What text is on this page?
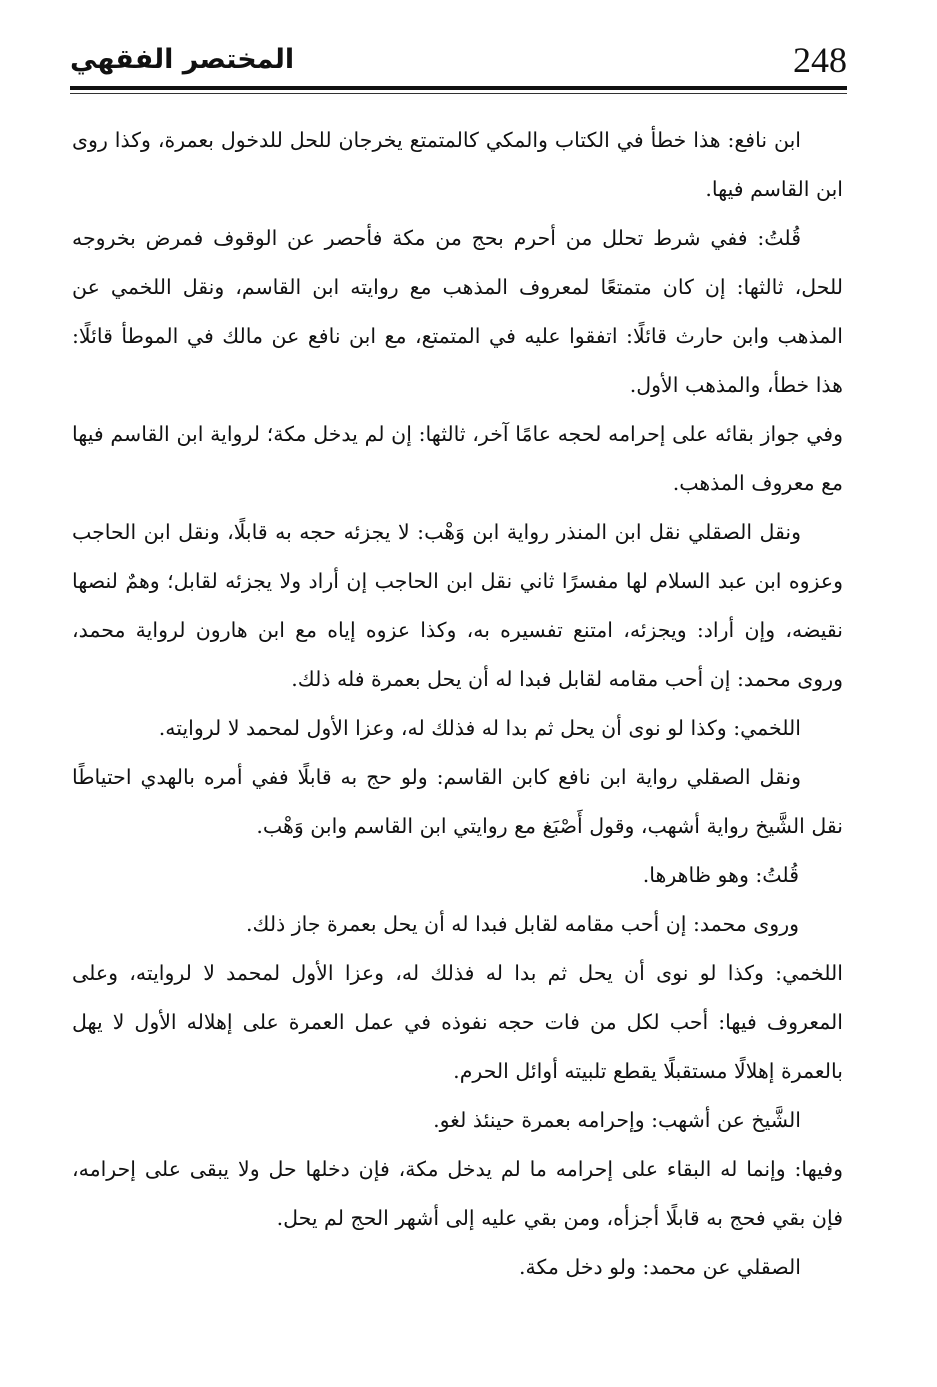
248
المختصر الفقهي

ابن نافع: هذا خطأ في الكتاب والمكي كالمتمتع يخرجان للحل للدخول بعمرة، وكذا روى ابن القاسم فيها.

قُلتُ: ففي شرط تحلل من أحرم بحج من مكة فأحصر عن الوقوف فمرض بخروجه للحل، ثالثها: إن كان متمتعًا لمعروف المذهب مع روايته ابن القاسم، ونقل اللخمي عن المذهب وابن حارث قائلًا: اتفقوا عليه في المتمتع، مع ابن نافع عن مالك في الموطأ قائلًا: هذا خطأ، والمذهب الأول.

وفي جواز بقائه على إحرامه لحجه عامًا آخر، ثالثها: إن لم يدخل مكة؛ لرواية ابن القاسم فيها مع معروف المذهب.

ونقل الصقلي نقل ابن المنذر رواية ابن وَهْب: لا يجزئه حجه به قابلًا، ونقل ابن الحاجب وعزوه ابن عبد السلام لها مفسرًا ثاني نقل ابن الحاجب إن أراد ولا يجزئه لقابل؛ وهمٌ لنصها نقيضه، وإن أراد: ويجزئه، امتنع تفسيره به، وكذا عزوه إياه مع ابن هارون لرواية محمد، وروى محمد: إن أحب مقامه لقابل فبدا له أن يحل بعمرة فله ذلك.

اللخمي: وكذا لو نوى أن يحل ثم بدا له فذلك له، وعزا الأول لمحمد لا لروايته.

ونقل الصقلي رواية ابن نافع كابن القاسم: ولو حج به قابلًا ففي أمره بالهدي احتياطًا نقل الشَّيخ رواية أشهب، وقول أَصْبَغ مع روايتي ابن القاسم وابن وَهْب.

قُلتُ: وهو ظاهرها.

وروى محمد: إن أحب مقامه لقابل فبدا له أن يحل بعمرة جاز ذلك.

اللخمي: وكذا لو نوى أن يحل ثم بدا له فذلك له، وعزا الأول لمحمد لا لروايته، وعلى المعروف فيها: أحب لكل من فات حجه نفوذه في عمل العمرة على إهلاله الأول لا يهل بالعمرة إهلالًا مستقبلًا يقطع تلبيته أوائل الحرم.

الشَّيخ عن أشهب: وإحرامه بعمرة حينئذ لغو.

وفيها: وإنما له البقاء على إحرامه ما لم يدخل مكة، فإن دخلها حل ولا يبقى على إحرامه، فإن بقي فحج به قابلًا أجزأه، ومن بقي عليه إلى أشهر الحج لم يحل.

الصقلي عن محمد: ولو دخل مكة.
